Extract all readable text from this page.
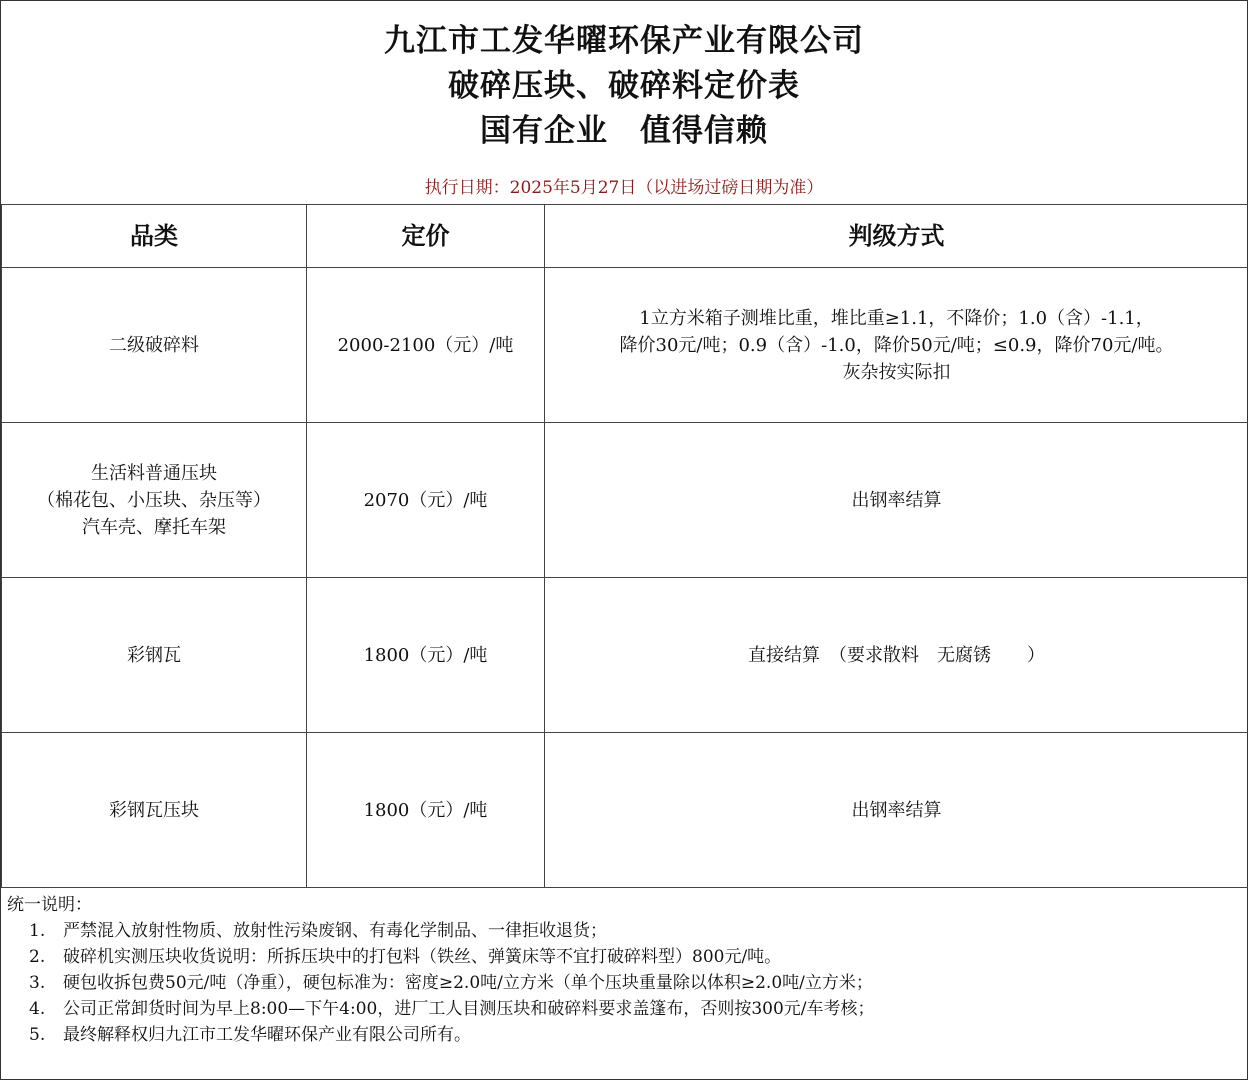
九江市工发华曜环保产业有限公司
破碎压块、破碎料定价表
国有企业　值得信赖
执行日期：2025年5月27日（以进场过磅日期为准）
品类	定价	判级方式

二级破碎料	2000-2100（元）/吨	1立方米箱子测堆比重，堆比重≥1.1，不降价；1.0（含）-1.1，
降价30元/吨；0.9（含）-1.0，降价50元/吨；≤0.9，降价70元/吨。
灰杂按实际扣

生活料普通压块
（棉花包、小压块、杂压等）
汽车壳、摩托车架	2070（元）/吨	出钢率结算

彩钢瓦	1800（元）/吨	直接结算　（要求散料　无腐锈　　）

彩钢瓦压块	1800（元）/吨	出钢率结算
统一说明：
1. 严禁混入放射性物质、放射性污染废钢、有毒化学制品、一律拒收退货；
2. 破碎机实测压块收货说明：所拆压块中的打包料（铁丝、弹簧床等不宜打破碎料型）800元/吨。
3. 硬包收拆包费50元/吨（净重），硬包标准为：密度≥2.0吨/立方米（单个压块重量除以体积≥2.0吨/立方米；
4. 公司正常卸货时间为早上8:00—下午4:00，进厂工人目测压块和破碎料要求盖篷布，否则按300元/车考核；
5. 最终解释权归九江市工发华曜环保产业有限公司所有。
